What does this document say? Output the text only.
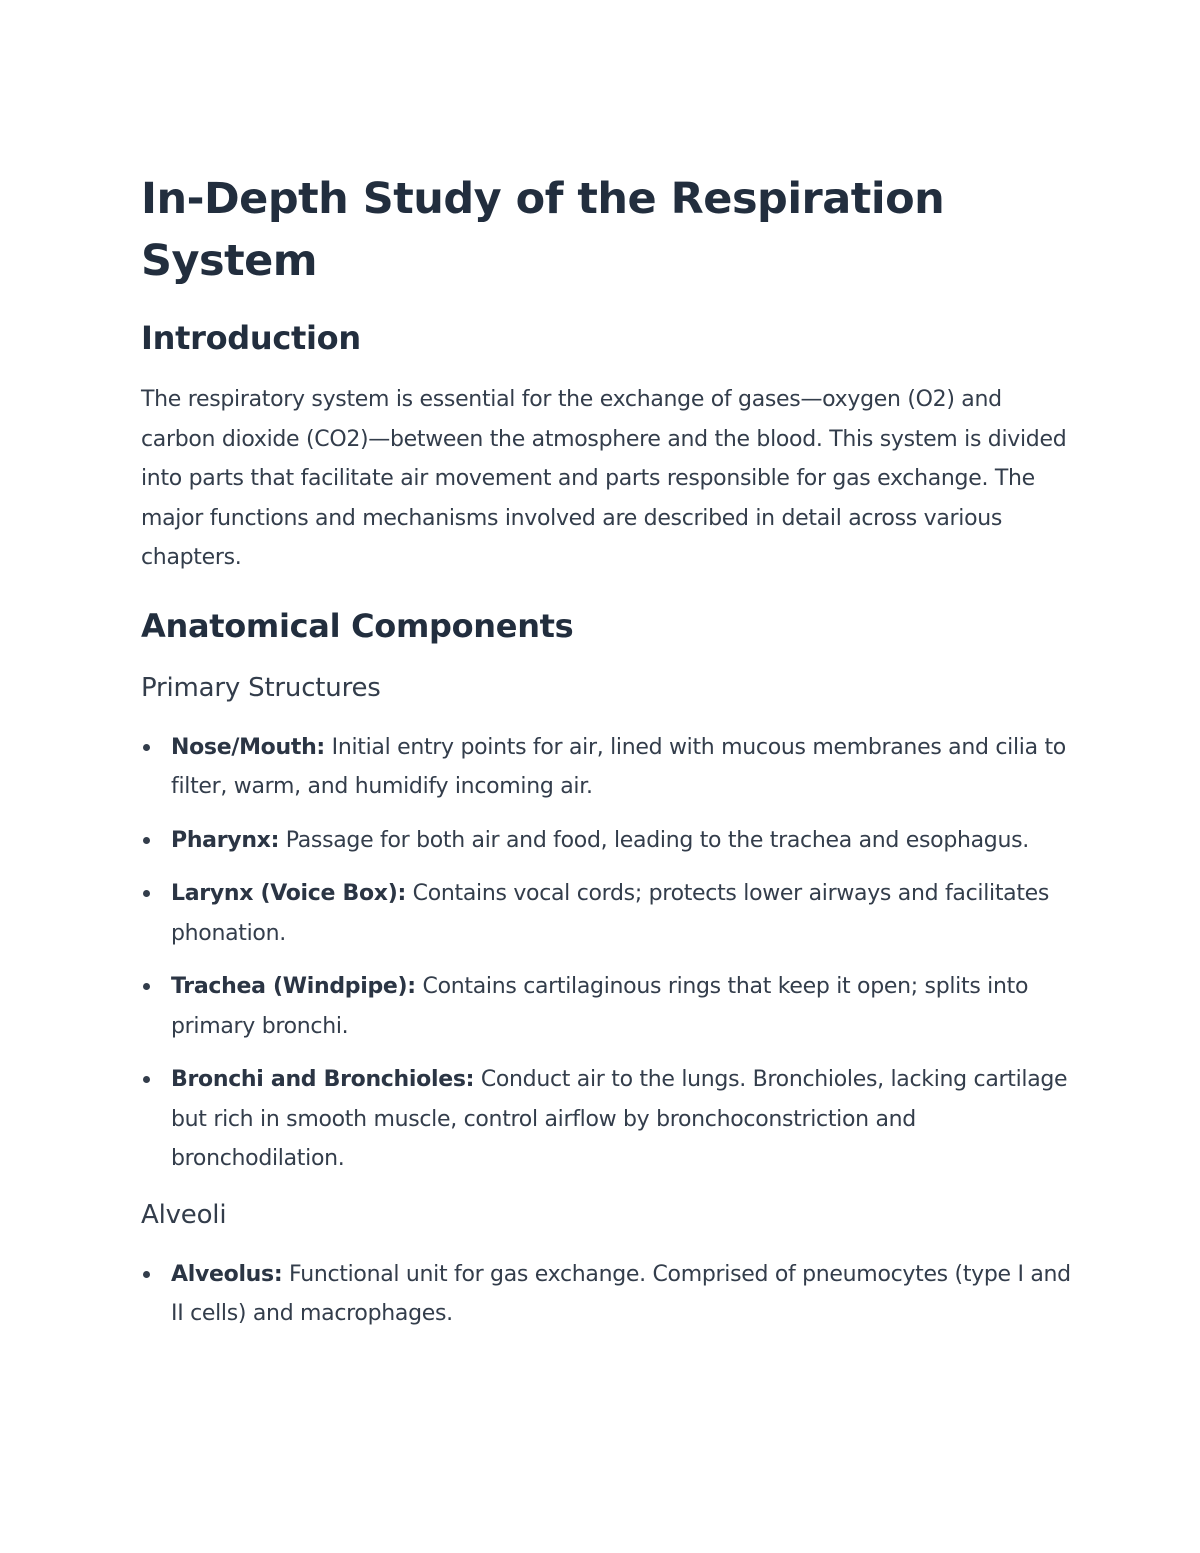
In-Depth Study of the Respiration System
Introduction

The respiratory system is essential for the exchange of gases—oxygen (O2) and carbon dioxide (CO2)—between the atmosphere and the blood. This system is divided into parts that facilitate air movement and parts responsible for gas exchange. The major functions and mechanisms involved are described in detail across various chapters.

Anatomical Components
Primary Structures
Nose/Mouth: Initial entry points for air, lined with mucous membranes and cilia to filter, warm, and humidify incoming air.
Pharynx: Passage for both air and food, leading to the trachea and esophagus.
Larynx (Voice Box): Contains vocal cords; protects lower airways and facilitates phonation.
Trachea (Windpipe): Contains cartilaginous rings that keep it open; splits into primary bronchi.
Bronchi and Bronchioles: Conduct air to the lungs. Bronchioles, lacking cartilage but rich in smooth muscle, control airflow by bronchoconstriction and bronchodilation.
Alveoli
Alveolus: Functional unit for gas exchange. Comprised of pneumocytes (type I and II cells) and macrophages.
